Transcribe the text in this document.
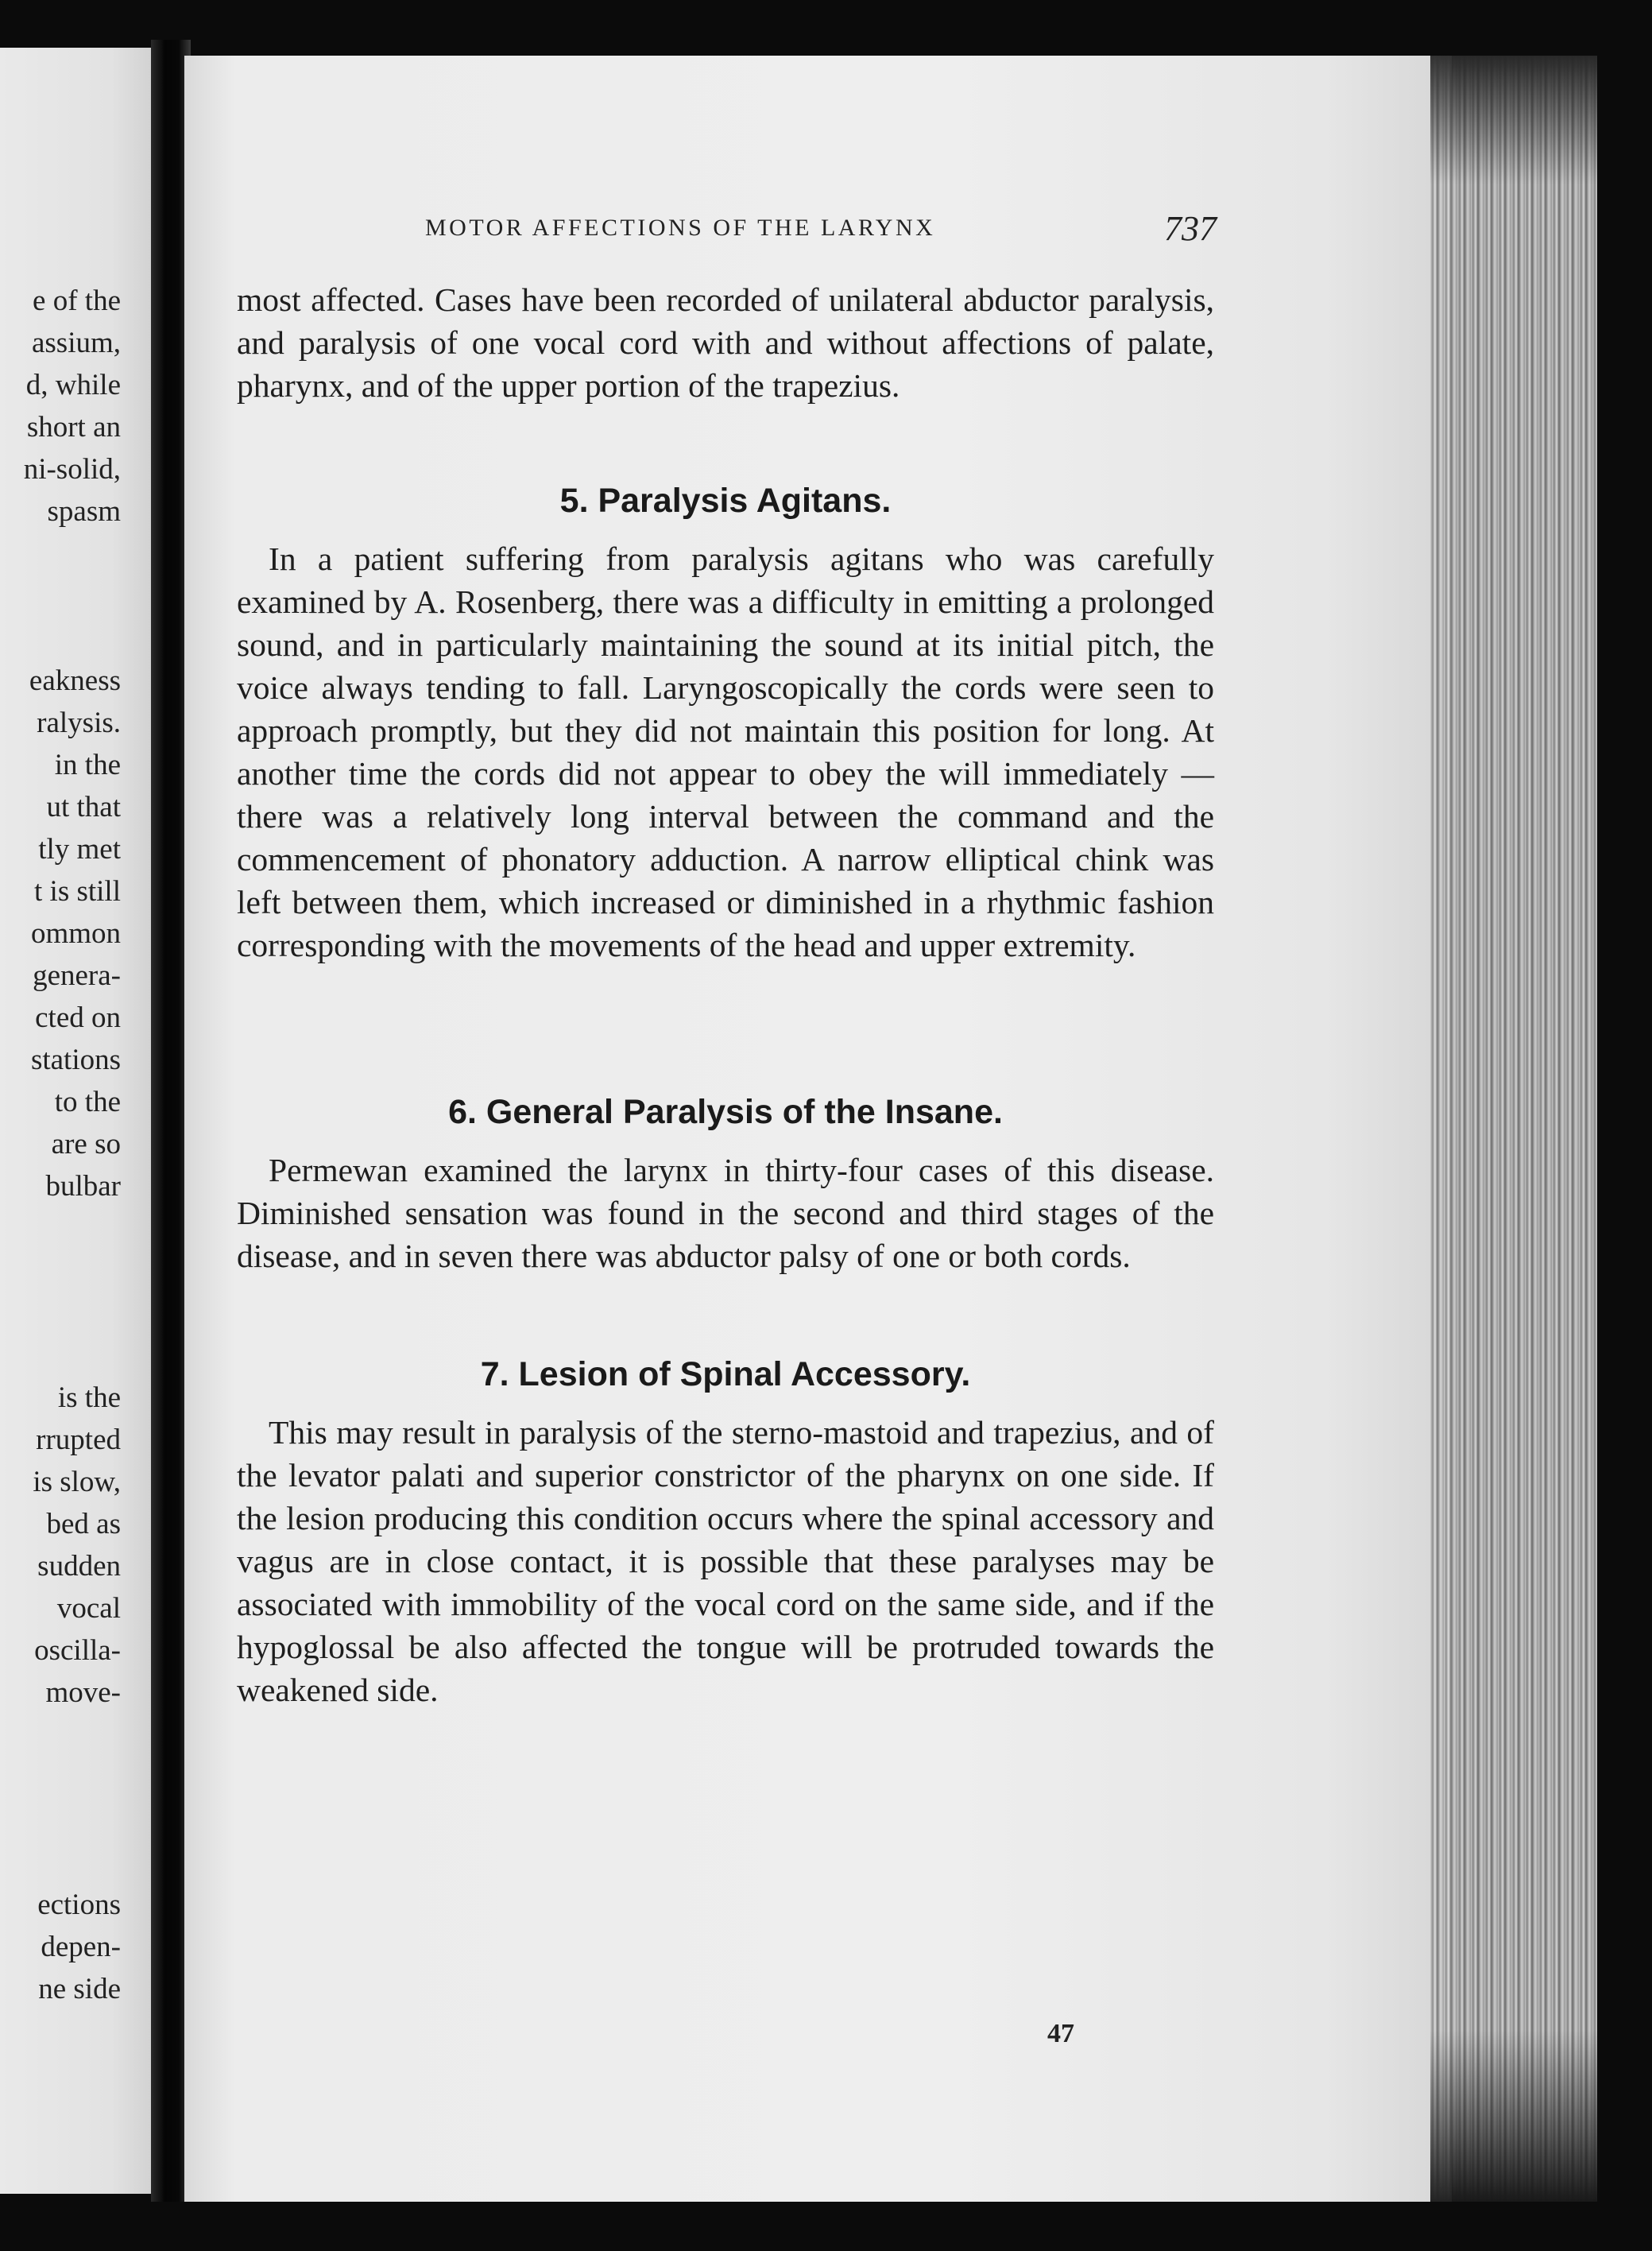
e of the
assium,
d, while
short an
ni-solid,
spasm
eakness
ralysis.
in the
ut that
tly met
t is still
ommon
genera-
cted on
stations
to the
are so
bulbar
is the
rrupted
is slow,
bed as
sudden
vocal
oscilla-
move-
ections
depen-
ne side
MOTOR AFFECTIONS OF THE LARYNX	737

most affected. Cases have been recorded of unilateral abductor paralysis, and paralysis of one vocal cord with and without affections of palate, pharynx, and of the upper portion of the trapezius.

5. Paralysis Agitans.

In a patient suffering from paralysis agitans who was carefully examined by A. Rosenberg, there was a difficulty in emitting a prolonged sound, and in particularly maintaining the sound at its initial pitch, the voice always tending to fall. Laryngoscopically the cords were seen to approach promptly, but they did not maintain this position for long. At another time the cords did not appear to obey the will immediately —there was a relatively long interval between the command and the commencement of phonatory adduction. A narrow elliptical chink was left between them, which increased or diminished in a rhythmic fashion corresponding with the movements of the head and upper extremity.

6. General Paralysis of the Insane.

Permewan examined the larynx in thirty-four cases of this disease. Diminished sensation was found in the second and third stages of the disease, and in seven there was abductor palsy of one or both cords.

7. Lesion of Spinal Accessory.

This may result in paralysis of the sterno-mastoid and trapezius, and of the levator palati and superior constrictor of the pharynx on one side. If the lesion producing this condition occurs where the spinal accessory and vagus are in close contact, it is possible that these paralyses may be associated with immobility of the vocal cord on the same side, and if the hypoglossal be also affected the tongue will be protruded towards the weakened side.

47
